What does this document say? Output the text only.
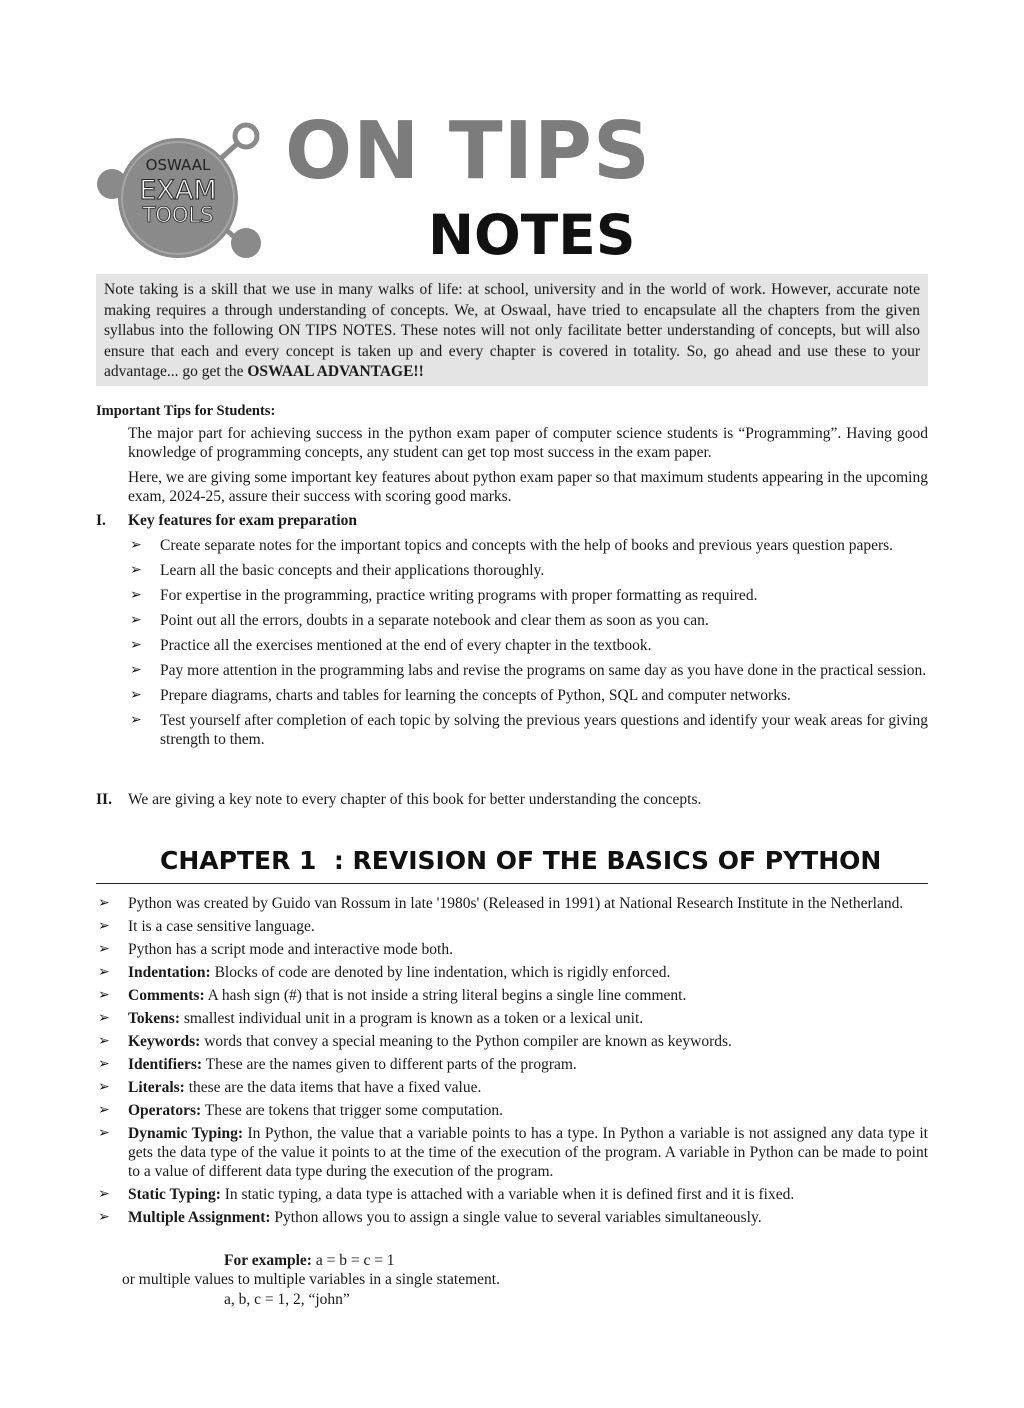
OSWAAL
EXAM
TOOLS
ON TIPS
NOTES
Note taking is a skill that we use in many walks of life: at school, university and in the world of work. However, accurate note making requires a through understanding of concepts. We, at Oswaal, have tried to encapsulate all the chapters from the given syllabus into the following ON TIPS NOTES. These notes will not only facilitate better understanding of concepts, but will also ensure that each and every concept is taken up and every chapter is covered in totality. So, go ahead and use these to your advantage... go get the OSWAAL ADVANTAGE!!
Important Tips for Students:
The major part for achieving success in the python exam paper of computer science students is “Programming”. Having good knowledge of programming concepts, any student can get top most success in the exam paper.
Here, we are giving some important key features about python exam paper so that maximum students appearing in the upcoming exam, 2024-25, assure their success with scoring good marks.
I. Key features for exam preparation
➢ Create separate notes for the important topics and concepts with the help of books and previous years question papers.
➢ Learn all the basic concepts and their applications thoroughly.
➢ For expertise in the programming, practice writing programs with proper formatting as required.
➢ Point out all the errors, doubts in a separate notebook and clear them as soon as you can.
➢ Practice all the exercises mentioned at the end of every chapter in the textbook.
➢ Pay more attention in the programming labs and revise the programs on same day as you have done in the practical session.
➢ Prepare diagrams, charts and tables for learning the concepts of Python, SQL and computer networks.
➢ Test yourself after completion of each topic by solving the previous years questions and identify your weak areas for giving strength to them.
II. We are giving a key note to every chapter of this book for better understanding the concepts.
CHAPTER 1  : REVISION OF THE BASICS OF PYTHON
➢ Python was created by Guido van Rossum in late '1980s' (Released in 1991) at National Research Institute in the Netherland.
➢ It is a case sensitive language.
➢ Python has a script mode and interactive mode both.
➢ Indentation: Blocks of code are denoted by line indentation, which is rigidly enforced.
➢ Comments: A hash sign (#) that is not inside a string literal begins a single line comment.
➢ Tokens: smallest individual unit in a program is known as a token or a lexical unit.
➢ Keywords: words that convey a special meaning to the Python compiler are known as keywords.
➢ Identifiers: These are the names given to different parts of the program.
➢ Literals: these are the data items that have a fixed value.
➢ Operators: These are tokens that trigger some computation.
➢ Dynamic Typing: In Python, the value that a variable points to has a type. In Python a variable is not assigned any data type it gets the data type of the value it points to at the time of the execution of the program. A variable in Python can be made to point to a value of different data type during the execution of the program.
➢ Static Typing: In static typing, a data type is attached with a variable when it is defined first and it is fixed.
➢ Multiple Assignment: Python allows you to assign a single value to several variables simultaneously.
For example: a = b = c = 1
or multiple values to multiple variables in a single statement.
a, b, c = 1, 2, “john”
